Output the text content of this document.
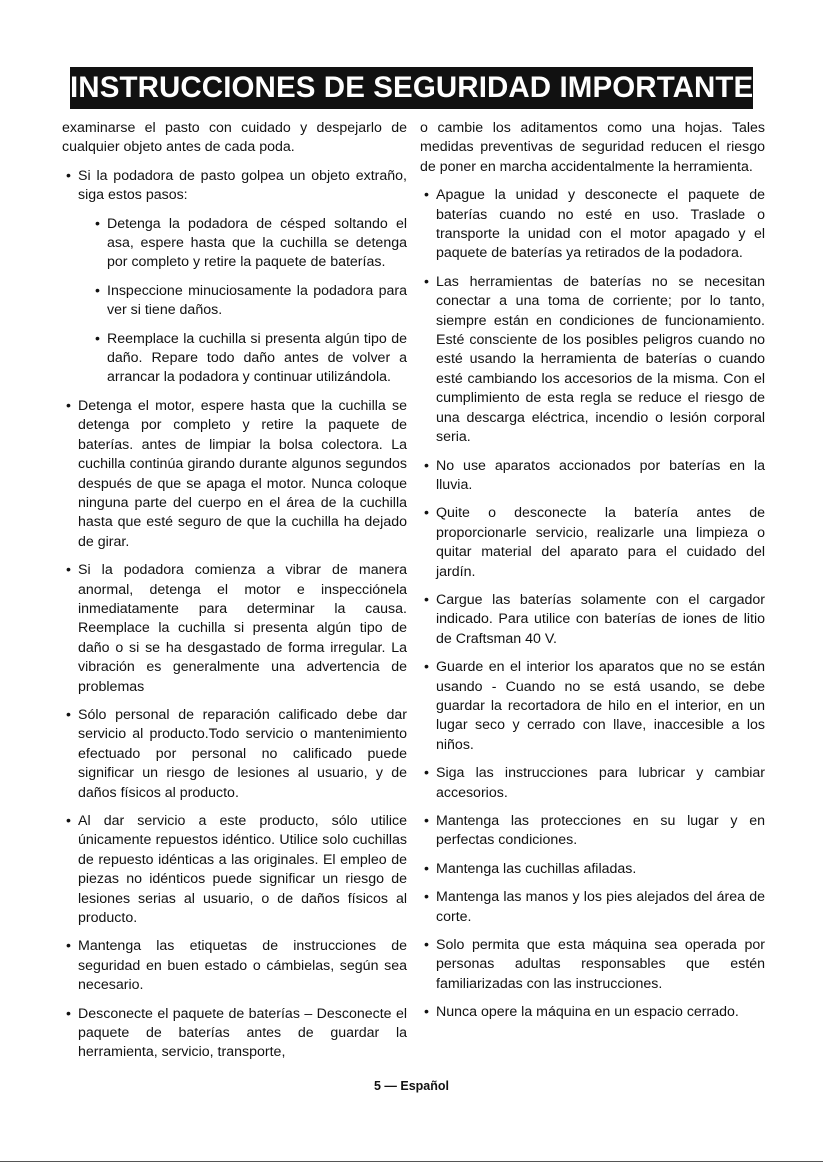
INSTRUCCIONES DE SEGURIDAD IMPORTANTES
examinarse el pasto con cuidado y despejarlo de cualquier objeto antes de cada poda.
• Si la podadora de pasto golpea un objeto extraño, siga estos pasos:
• Detenga la podadora de césped soltando el asa, espere hasta que la cuchilla se detenga por completo y retire la paquete de baterías.
• Inspeccione minuciosamente la podadora para ver si tiene daños.
• Reemplace la cuchilla si presenta algún tipo de daño. Repare todo daño antes de volver a arrancar la podadora y continuar utilizándola.
• Detenga el motor, espere hasta que la cuchilla se detenga por completo y retire la paquete de baterías. antes de limpiar la bolsa colectora. La cuchilla continúa girando durante algunos segundos después de que se apaga el motor. Nunca coloque ninguna parte del cuerpo en el área de la cuchilla hasta que esté seguro de que la cuchilla ha dejado de girar.
• Si la podadora comienza a vibrar de manera anormal, detenga el motor e inspecciónela inmediatamente para determinar la causa. Reemplace la cuchilla si presenta algún tipo de daño o si se ha desgastado de forma irregular. La vibración es generalmente una advertencia de problemas
• Sólo personal de reparación calificado debe dar servicio al producto.Todo servicio o mantenimiento efectuado por personal no calificado puede significar un riesgo de lesiones al usuario, y de daños físicos al producto.
• Al dar servicio a este producto, sólo utilice únicamente repuestos idéntico. Utilice solo cuchillas de repuesto idénticas a las originales. El empleo de piezas no idénticos puede significar un riesgo de lesiones serias al usuario, o de daños físicos al producto.
• Mantenga las etiquetas de instrucciones de seguridad en buen estado o cámbielas, según sea necesario.
• Desconecte el paquete de baterías – Desconecte el paquete de baterías antes de guardar la herramienta, servicio, transporte,
o cambie los aditamentos como una hojas. Tales medidas preventivas de seguridad reducen el riesgo de poner en marcha accidentalmente la herramienta.
• Apague la unidad y desconecte el paquete de baterías cuando no esté en uso. Traslade o transporte la unidad con el motor apagado y el paquete de baterías ya retirados de la podadora.
• Las herramientas de baterías no se necesitan conectar a una toma de corriente; por lo tanto, siempre están en condiciones de funcionamiento. Esté consciente de los posibles peligros cuando no esté usando la herramienta de baterías o cuando esté cambiando los accesorios de la misma. Con el cumplimiento de esta regla se reduce el riesgo de una descarga eléctrica, incendio o lesión corporal seria.
• No use aparatos accionados por baterías en la lluvia.
• Quite o desconecte la batería antes de proporcionarle servicio, realizarle una limpieza o quitar material del aparato para el cuidado del jardín.
• Cargue las baterías solamente con el cargador indicado. Para utilice con baterías de iones de litio de Craftsman 40 V.
• Guarde en el interior los aparatos que no se están usando - Cuando no se está usando, se debe guardar la recortadora de hilo en el interior, en un lugar seco y cerrado con llave, inaccesible a los niños.
• Siga las instrucciones para lubricar y cambiar accesorios.
• Mantenga las protecciones en su lugar y en perfectas condiciones.
• Mantenga las cuchillas afiladas.
• Mantenga las manos y los pies alejados del área de corte.
• Solo permita que esta máquina sea operada por personas adultas responsables que estén familiarizadas con las instrucciones.
• Nunca opere la máquina en un espacio cerrado.
5 — Español
